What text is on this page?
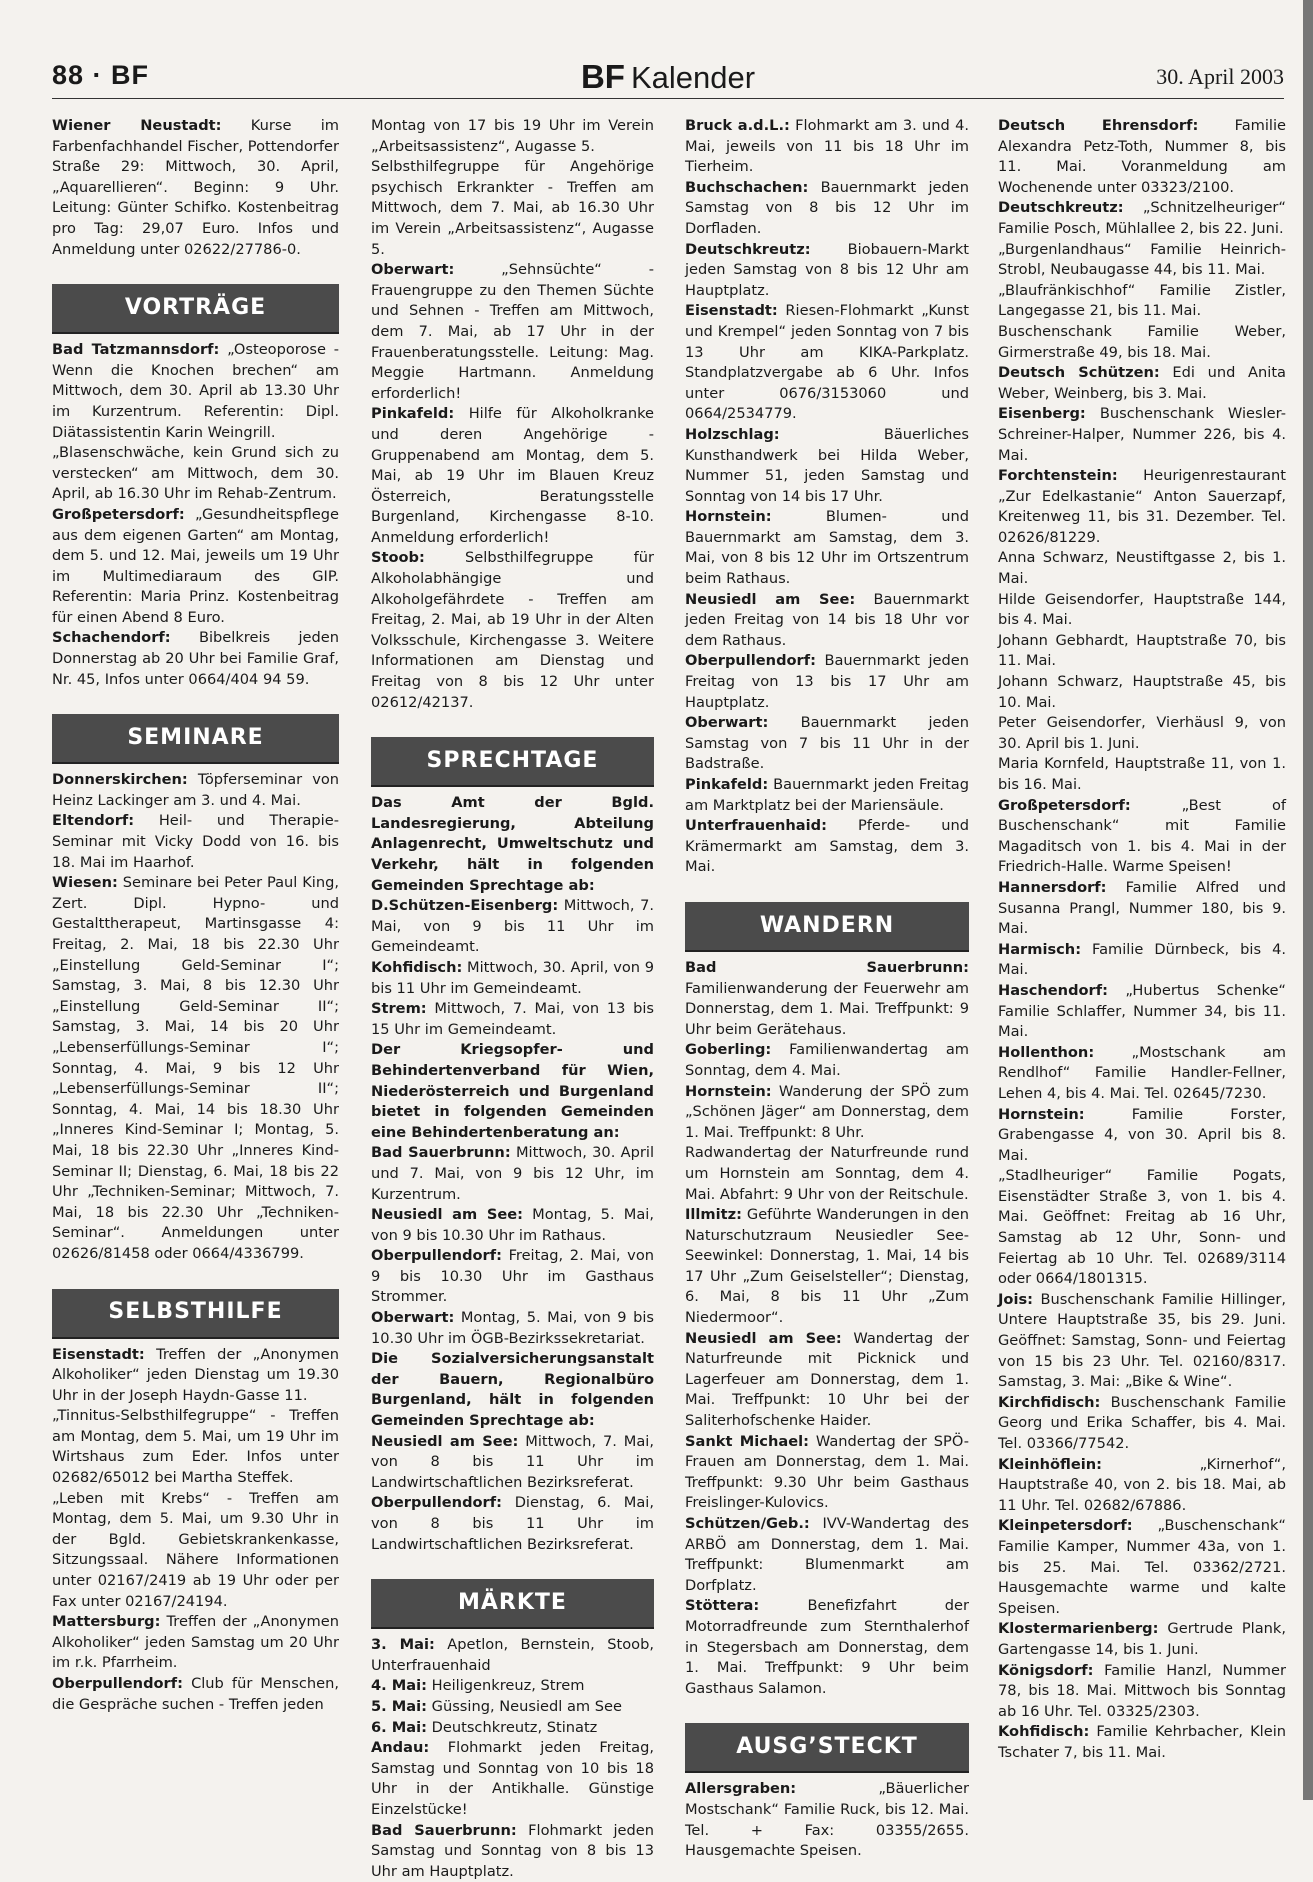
88 · BF	BF Kalender	30. April 2003
Wiener Neustadt: Kurse im Farbenfachhandel Fischer, Pottendorfer Straße 29: Mittwoch, 30. April, „Aquarellieren“. Beginn: 9 Uhr. Leitung: Günter Schifko. Kostenbeitrag pro Tag: 29,07 Euro. Infos und Anmeldung unter 02622/27786-0.
VORTRÄGE
Bad Tatzmannsdorf: „Osteoporose - Wenn die Knochen brechen“ am Mittwoch, dem 30. April ab 13.30 Uhr im Kurzentrum. Referentin: Dipl. Diätassistentin Karin Weingrill.
„Blasenschwäche, kein Grund sich zu verstecken“ am Mittwoch, dem 30. April, ab 16.30 Uhr im Rehab-Zentrum.
Großpetersdorf: „Gesundheitspflege aus dem eigenen Garten“ am Montag, dem 5. und 12. Mai, jeweils um 19 Uhr im Multimediaraum des GIP. Referentin: Maria Prinz. Kostenbeitrag für einen Abend 8 Euro.
Schachendorf: Bibelkreis jeden Donnerstag ab 20 Uhr bei Familie Graf, Nr. 45, Infos unter 0664/404 94 59.
SEMINARE
Donnerskirchen: Töpferseminar von Heinz Lackinger am 3. und 4. Mai.
Eltendorf: Heil- und Therapie-Seminar mit Vicky Dodd von 16. bis 18. Mai im Haarhof.
Wiesen: Seminare bei Peter Paul King, Zert. Dipl. Hypno- und Gestalttherapeut, Martinsgasse 4: Freitag, 2. Mai, 18 bis 22.30 Uhr „Einstellung Geld-Seminar I“; Samstag, 3. Mai, 8 bis 12.30 Uhr „Einstellung Geld-Seminar II“; Samstag, 3. Mai, 14 bis 20 Uhr „Lebenserfüllungs-Seminar I“; Sonntag, 4. Mai, 9 bis 12 Uhr „Lebenserfüllungs-Seminar II“; Sonntag, 4. Mai, 14 bis 18.30 Uhr „Inneres Kind-Seminar I; Montag, 5. Mai, 18 bis 22.30 Uhr „Inneres Kind-Seminar II; Dienstag, 6. Mai, 18 bis 22 Uhr „Techniken-Seminar; Mittwoch, 7. Mai, 18 bis 22.30 Uhr „Techniken-Seminar“. Anmeldungen unter 02626/81458 oder 0664/4336799.
SELBSTHILFE
Eisenstadt: Treffen der „Anonymen Alkoholiker“ jeden Dienstag um 19.30 Uhr in der Joseph Haydn-Gasse 11.
„Tinnitus-Selbsthilfegruppe“ - Treffen am Montag, dem 5. Mai, um 19 Uhr im Wirtshaus zum Eder. Infos unter 02682/65012 bei Martha Steffek.
„Leben mit Krebs“ - Treffen am Montag, dem 5. Mai, um 9.30 Uhr in der Bgld. Gebietskrankenkasse, Sitzungssaal. Nähere Informationen unter 02167/2419 ab 19 Uhr oder per Fax unter 02167/24194.
Mattersburg: Treffen der „Anonymen Alkoholiker“ jeden Samstag um 20 Uhr im r.k. Pfarrheim.
Oberpullendorf: Club für Menschen, die Gespräche suchen - Treffen jeden
Montag von 17 bis 19 Uhr im Verein „Arbeitsassistenz“, Augasse 5.
Selbsthilfegruppe für Angehörige psychisch Erkrankter - Treffen am Mittwoch, dem 7. Mai, ab 16.30 Uhr im Verein „Arbeitsassistenz“, Augasse 5.
Oberwart:	„Sehnsüchte“ - Frauengruppe zu den Themen Süchte und Sehnen - Treffen am Mittwoch, dem 7. Mai, ab 17 Uhr in der Frauenberatungsstelle. Leitung: Mag. Meggie Hartmann. Anmeldung erforderlich!
Pinkafeld: Hilfe für Alkoholkranke und deren Angehörige - Gruppenabend am Montag, dem 5. Mai, ab 19 Uhr im Blauen Kreuz Österreich, Beratungsstelle Burgenland, Kirchengasse 8-10. Anmeldung erforderlich!
Stoob:	Selbsthilfegruppe für Alkoholabhängige und Alkoholgefährdete - Treffen am Freitag, 2. Mai, ab 19 Uhr in der Alten Volksschule, Kirchengasse 3. Weitere Informationen am Dienstag und Freitag von 8 bis 12 Uhr unter 02612/42137.
SPRECHTAGE
Das Amt der Bgld. Landesregierung, Abteilung Anlagenrecht, Umweltschutz und Verkehr, hält in folgenden Gemeinden Sprechtage ab:
D.Schützen-Eisenberg: Mittwoch, 7. Mai, von 9 bis 11 Uhr im Gemeindeamt.
Kohfidisch: Mittwoch, 30. April, von 9 bis 11 Uhr im Gemeindeamt.
Strem: Mittwoch, 7. Mai, von 13 bis 15 Uhr im Gemeindeamt.
Der Kriegsopfer- und Behindertenverband für Wien, Niederösterreich und Burgenland bietet in folgenden Gemeinden eine Behindertenberatung an:
Bad Sauerbrunn: Mittwoch, 30. April und 7. Mai, von 9 bis 12 Uhr, im Kurzentrum.
Neusiedl am See: Montag, 5. Mai, von 9 bis 10.30 Uhr im Rathaus.
Oberpullendorf: Freitag, 2. Mai, von 9 bis 10.30 Uhr im Gasthaus Strommer.
Oberwart: Montag, 5. Mai, von 9 bis 10.30 Uhr im ÖGB-Bezirkssekretariat.
Die Sozialversicherungsanstalt der Bauern, Regionalbüro Burgenland, hält in folgenden Gemeinden Sprechtage ab:
Neusiedl am See: Mittwoch, 7. Mai, von 8 bis 11 Uhr im Landwirtschaftlichen Bezirksreferat.
Oberpullendorf: Dienstag, 6. Mai, von 8 bis 11 Uhr im Landwirtschaftlichen Bezirksreferat.
MÄRKTE
3. Mai: Apetlon, Bernstein, Stoob, Unterfrauenhaid
4. Mai: Heiligenkreuz, Strem
5. Mai: Güssing, Neusiedl am See
6. Mai: Deutschkreutz, Stinatz
Andau: Flohmarkt jeden Freitag, Samstag und Sonntag von 10 bis 18 Uhr in der Antikhalle. Günstige Einzelstücke!
Bad Sauerbrunn: Flohmarkt jeden Samstag und Sonntag von 8 bis 13 Uhr am Hauptplatz.
Bruck a.d.L.: Flohmarkt am 3. und 4. Mai, jeweils von 11 bis 18 Uhr im Tierheim.
Buchschachen: Bauernmarkt jeden Samstag von 8 bis 12 Uhr im Dorfladen.
Deutschkreutz:	Biobauern-Markt jeden Samstag von 8 bis 12 Uhr am Hauptplatz.
Eisenstadt: Riesen-Flohmarkt „Kunst und Krempel“ jeden Sonntag von 7 bis 13 Uhr am KIKA-Parkplatz. Standplatzvergabe ab 6 Uhr. Infos unter 0676/3153060 und 0664/2534779.
Holzschlag:	Bäuerliches Kunsthandwerk bei Hilda Weber, Nummer 51, jeden Samstag und Sonntag von 14 bis 17 Uhr.
Hornstein:	Blumen- und Bauernmarkt am Samstag, dem 3. Mai, von 8 bis 12 Uhr im Ortszentrum beim Rathaus.
Neusiedl am See: Bauernmarkt jeden Freitag von 14 bis 18 Uhr vor dem Rathaus.
Oberpullendorf: Bauernmarkt jeden Freitag von 13 bis 17 Uhr am Hauptplatz.
Oberwart: Bauernmarkt jeden Samstag von 7 bis 11 Uhr in der Badstraße.
Pinkafeld: Bauernmarkt jeden Freitag am Marktplatz bei der Mariensäule.
Unterfrauenhaid: Pferde- und Krämermarkt am Samstag, dem 3. Mai.
WANDERN
Bad Sauerbrunn: Familienwanderung der Feuerwehr am Donnerstag, dem 1. Mai. Treffpunkt: 9 Uhr beim Gerätehaus.
Goberling: Familienwandertag am Sonntag, dem 4. Mai.
Hornstein: Wanderung der SPÖ zum „Schönen Jäger“ am Donnerstag, dem 1. Mai. Treffpunkt: 8 Uhr.
Radwandertag der Naturfreunde rund um Hornstein am Sonntag, dem 4. Mai. Abfahrt: 9 Uhr von der Reitschule.
Illmitz: Geführte Wanderungen in den Naturschutzraum Neusiedler See-Seewinkel: Donnerstag, 1. Mai, 14 bis 17 Uhr „Zum Geiselsteller“; Dienstag, 6. Mai, 8 bis 11 Uhr „Zum Niedermoor“.
Neusiedl am See: Wandertag der Naturfreunde mit Picknick und Lagerfeuer am Donnerstag, dem 1. Mai. Treffpunkt: 10 Uhr bei der Saliterhofschenke Haider.
Sankt Michael: Wandertag der SPÖ-Frauen am Donnerstag, dem 1. Mai. Treffpunkt: 9.30 Uhr beim Gasthaus Freislinger-Kulovics.
Schützen/Geb.: IVV-Wandertag des ARBÖ am Donnerstag, dem 1. Mai. Treffpunkt: Blumenmarkt am Dorfplatz.
Stöttera:	Benefizfahrt der Motorradfreunde zum Sternthalerhof in Stegersbach am Donnerstag, dem 1. Mai. Treffpunkt: 9 Uhr beim Gasthaus Salamon.
AUSG’STECKT
Allersgraben:	„Bäuerlicher Mostschank“ Familie Ruck, bis 12. Mai. Tel. + Fax: 03355/2655. Hausgemachte Speisen.
Deutsch Ehrensdorf: Familie Alexandra Petz-Toth, Nummer 8, bis 11. Mai. Voranmeldung am Wochenende unter 03323/2100.
Deutschkreutz: „Schnitzelheuriger“ Familie Posch, Mühlallee 2, bis 22. Juni.
„Burgenlandhaus“ Familie Heinrich-Strobl, Neubaugasse 44, bis 11. Mai.
„Blaufränkischhof“ Familie Zistler, Langegasse 21, bis 11. Mai.
Buschenschank Familie Weber, Girmerstraße 49, bis 18. Mai.
Deutsch Schützen: Edi und Anita Weber, Weinberg, bis 3. Mai.
Eisenberg: Buschenschank Wiesler-Schreiner-Halper, Nummer 226, bis 4. Mai.
Forchtenstein: Heurigenrestaurant „Zur Edelkastanie“ Anton Sauerzapf, Kreitenweg 11, bis 31. Dezember. Tel. 02626/81229.
Anna Schwarz, Neustiftgasse 2, bis 1. Mai.
Hilde Geisendorfer, Hauptstraße 144, bis 4. Mai.
Johann Gebhardt, Hauptstraße 70, bis 11. Mai.
Johann Schwarz, Hauptstraße 45, bis 10. Mai.
Peter Geisendorfer, Vierhäusl 9, von 30. April bis 1. Juni.
Maria Kornfeld, Hauptstraße 11, von 1. bis 16. Mai.
Großpetersdorf:	„Best of Buschenschank“ mit Familie Magaditsch von 1. bis 4. Mai in der Friedrich-Halle. Warme Speisen!
Hannersdorf: Familie Alfred und Susanna Prangl, Nummer 180, bis 9. Mai.
Harmisch: Familie Dürnbeck, bis 4. Mai.
Haschendorf: „Hubertus Schenke“ Familie Schlaffer, Nummer 34, bis 11. Mai.
Hollenthon:	„Mostschank am Rendlhof“ Familie Handler-Fellner, Lehen 4, bis 4. Mai. Tel. 02645/7230.
Hornstein:	Familie Forster, Grabengasse 4, von 30. April bis 8. Mai.
„Stadlheuriger“ Familie Pogats, Eisenstädter Straße 3, von 1. bis 4. Mai. Geöffnet: Freitag ab 16 Uhr, Samstag ab 12 Uhr, Sonn- und Feiertag ab 10 Uhr. Tel. 02689/3114 oder 0664/1801315.
Jois: Buschenschank Familie Hillinger, Untere Hauptstraße 35, bis 29. Juni. Geöffnet: Samstag, Sonn- und Feiertag von 15 bis 23 Uhr. Tel. 02160/8317. Samstag, 3. Mai: „Bike & Wine“.
Kirchfidisch: Buschenschank Familie Georg und Erika Schaffer, bis 4. Mai. Tel. 03366/77542.
Kleinhöflein:	„Kirnerhof“, Hauptstraße 40, von 2. bis 18. Mai, ab 11 Uhr. Tel. 02682/67886.
Kleinpetersdorf: „Buschenschank“ Familie Kamper, Nummer 43a, von 1. bis 25. Mai. Tel. 03362/2721. Hausgemachte warme und kalte Speisen.
Klostermarienberg: Gertrude Plank, Gartengasse 14, bis 1. Juni.
Königsdorf: Familie Hanzl, Nummer 78, bis 18. Mai. Mittwoch bis Sonntag ab 16 Uhr. Tel. 03325/2303.
Kohfidisch: Familie Kehrbacher, Klein Tschater 7, bis 11. Mai.
